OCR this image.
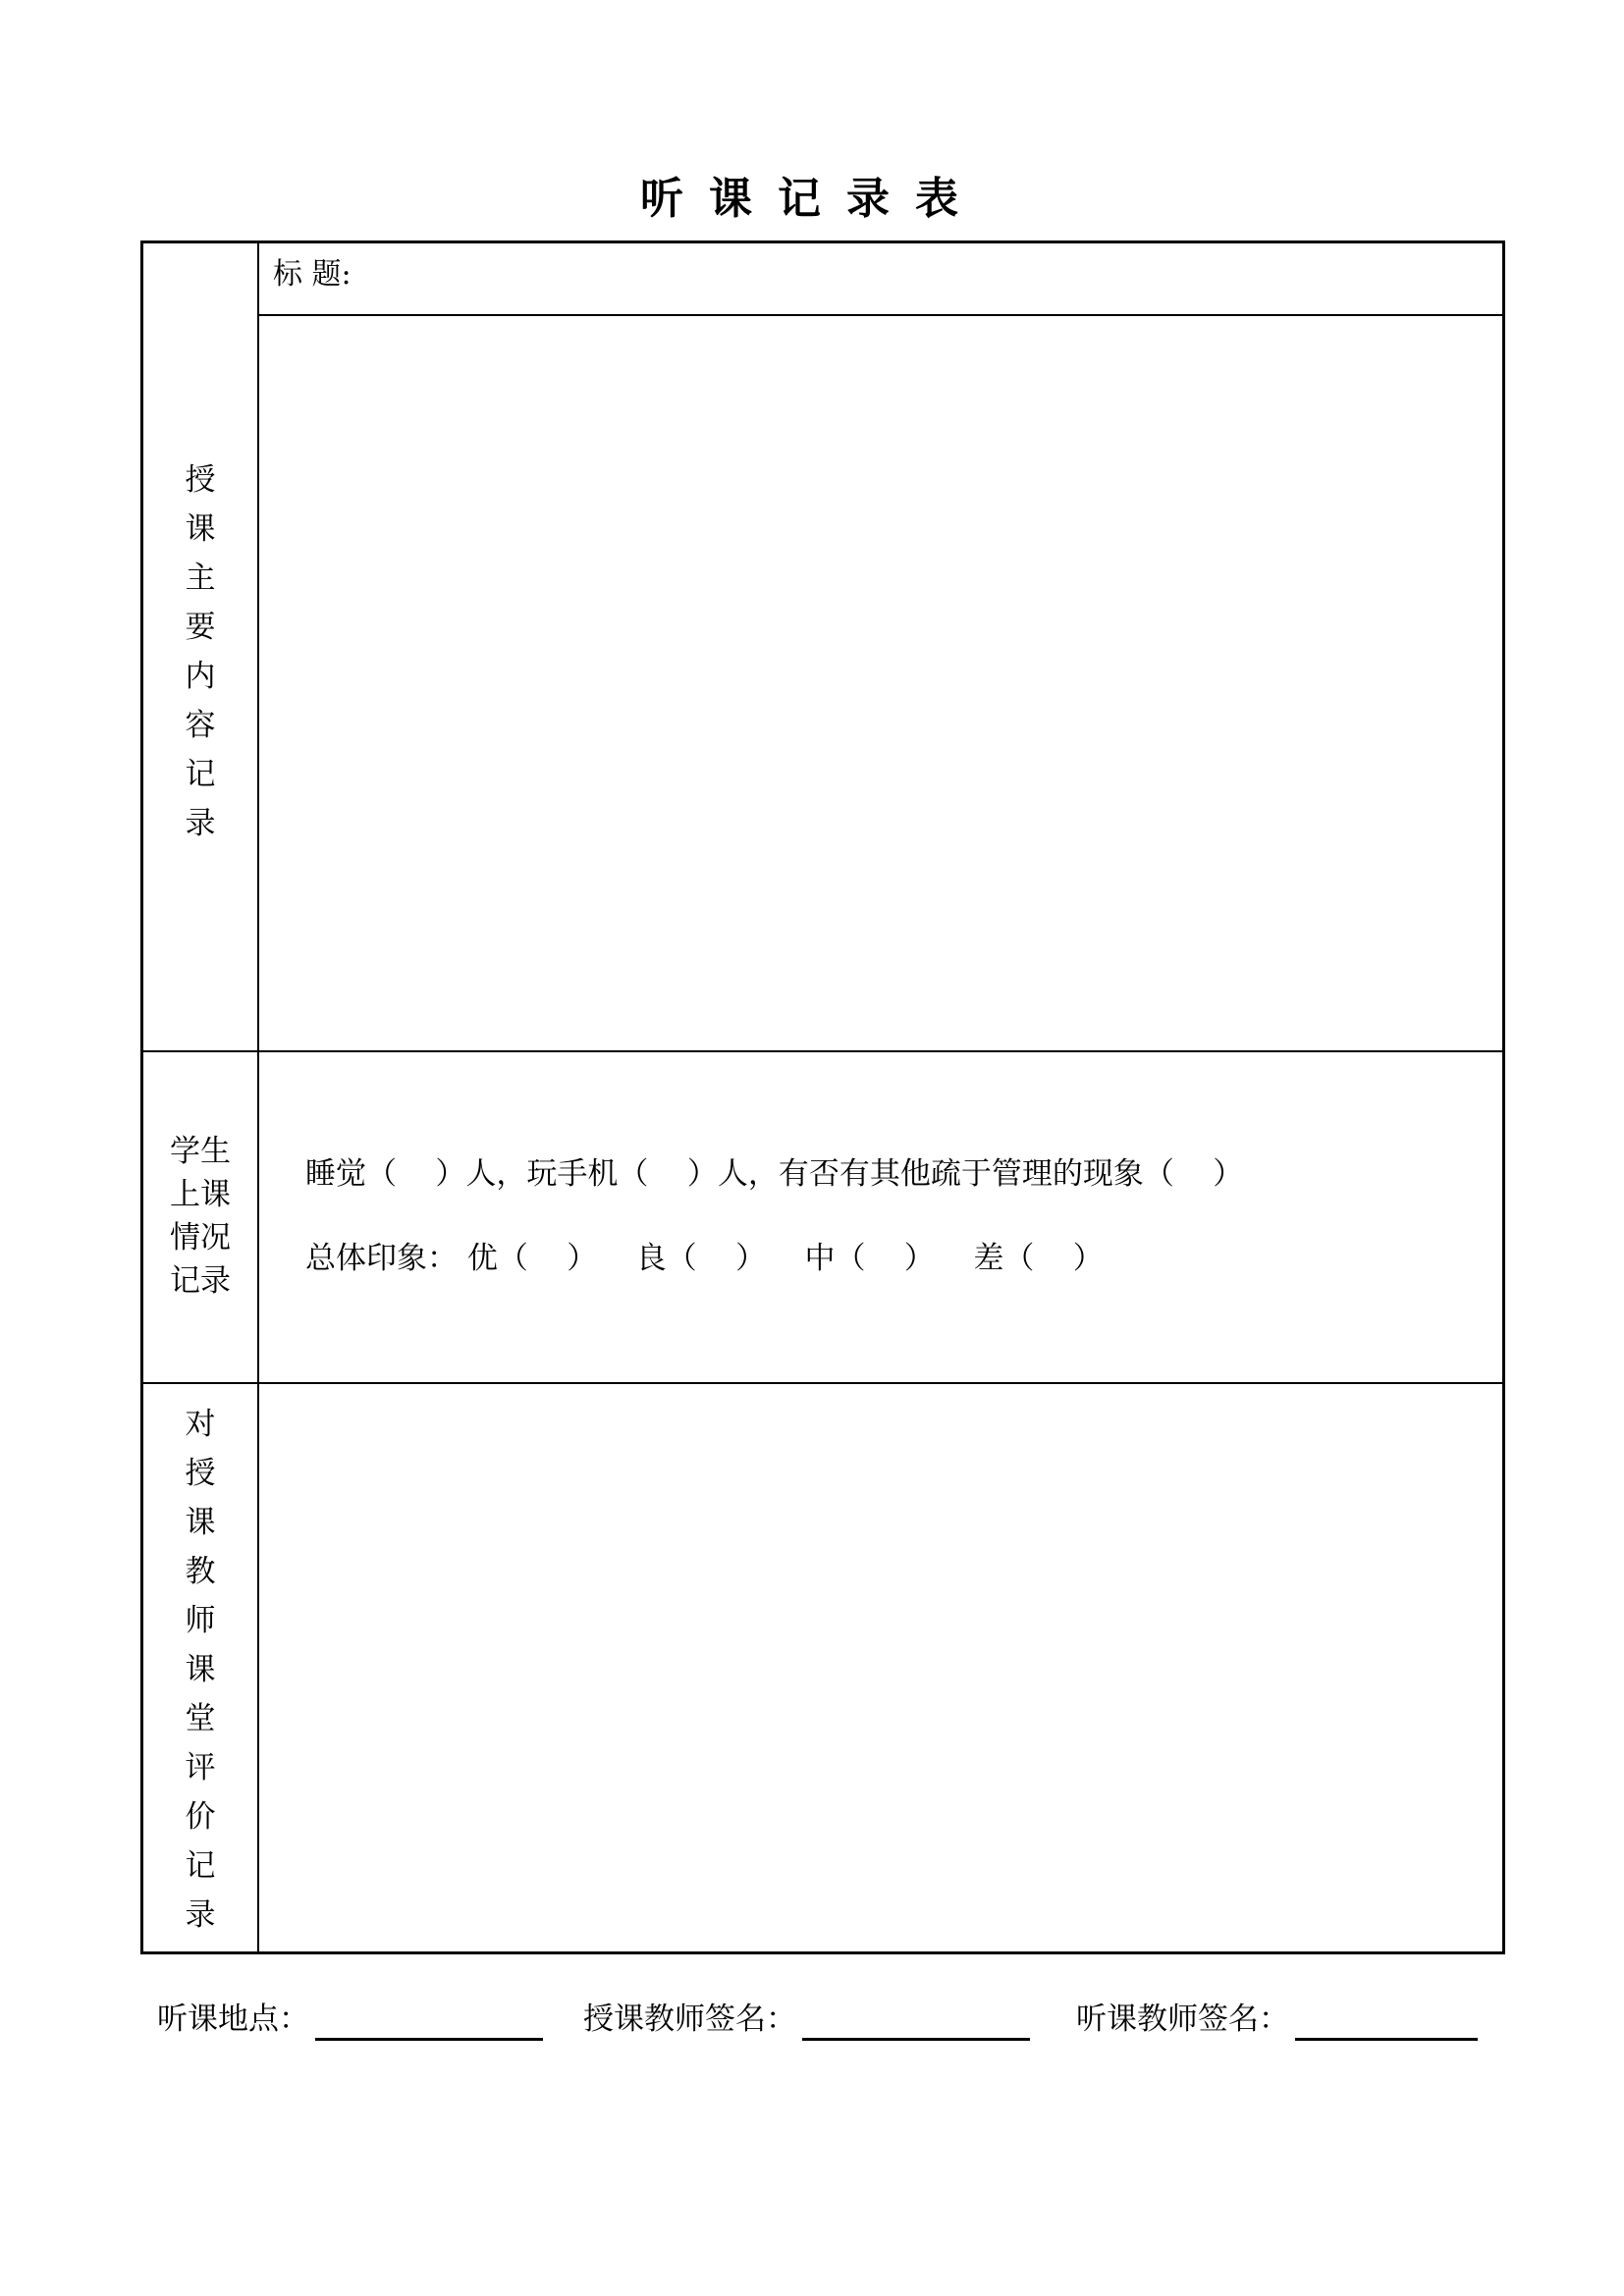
听课记录表
标 题:
授
课
主
要
内
容
记
录
学生
上课
情况
记录
睡觉（    ）人，玩手机（    ）人，有否有其他疏于管理的现象（    ）
总体印象： 优（    ）    良（    ）    中（    ）    差（    ）
对
授
课
教
师
课
堂
评
价
记
录
听课地点：	授课教师签名：	听课教师签名：
